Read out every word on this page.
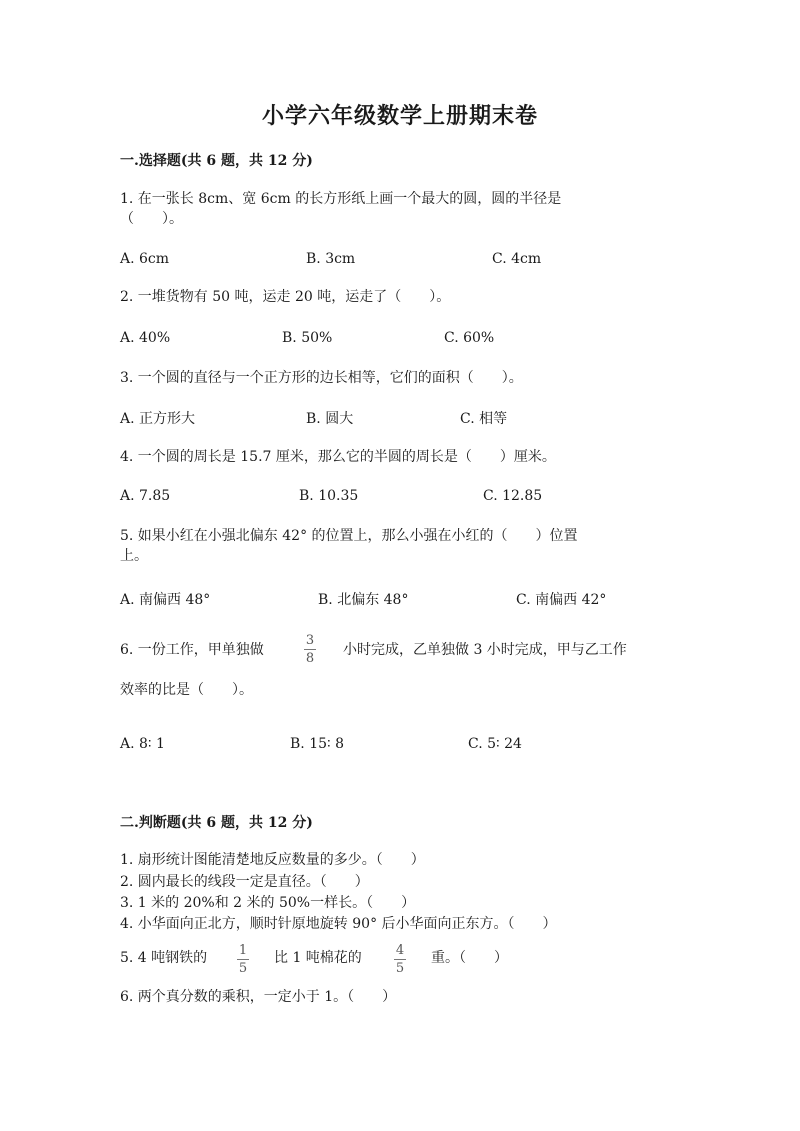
小学六年级数学上册期末卷
一.选择题(共 6 题，共 12 分)
1. 在一张长 8cm、宽 6cm 的长方形纸上画一个最大的圆，圆的半径是
（　　）。
A. 6cm	B. 3cm	C. 4cm
2. 一堆货物有 50 吨，运走 20 吨，运走了（　　）。
A. 40%	B. 50%	C. 60%
3. 一个圆的直径与一个正方形的边长相等，它们的面积（　　）。
A. 正方形大	B. 圆大	C. 相等
4. 一个圆的周长是 15.7 厘米，那么它的半圆的周长是（　　）厘米。
A. 7.85	B. 10.35	C. 12.85
5. 如果小红在小强北偏东 42° 的位置上，那么小强在小红的（　　）位置
上。
A. 南偏西 48°	B. 北偏东 48°	C. 南偏西 42°
6. 一份工作，甲单独做
3
8
小时完成，乙单独做 3 小时完成，甲与乙工作
效率的比是（　　）。
A. 8∶ 1	B. 15∶ 8	C. 5∶ 24
二.判断题(共 6 题，共 12 分)
1. 扇形统计图能清楚地反应数量的多少。（　　）
2. 圆内最长的线段一定是直径。（　　）
3. 1 米的 20%和 2 米的 50%一样长。（　　）
4. 小华面向正北方，顺时针原地旋转 90° 后小华面向正东方。（　　）
5. 4 吨钢铁的 1
5
比 1 吨棉花的	4
5
重。（　　）
6. 两个真分数的乘积，一定小于 1。（　　）
